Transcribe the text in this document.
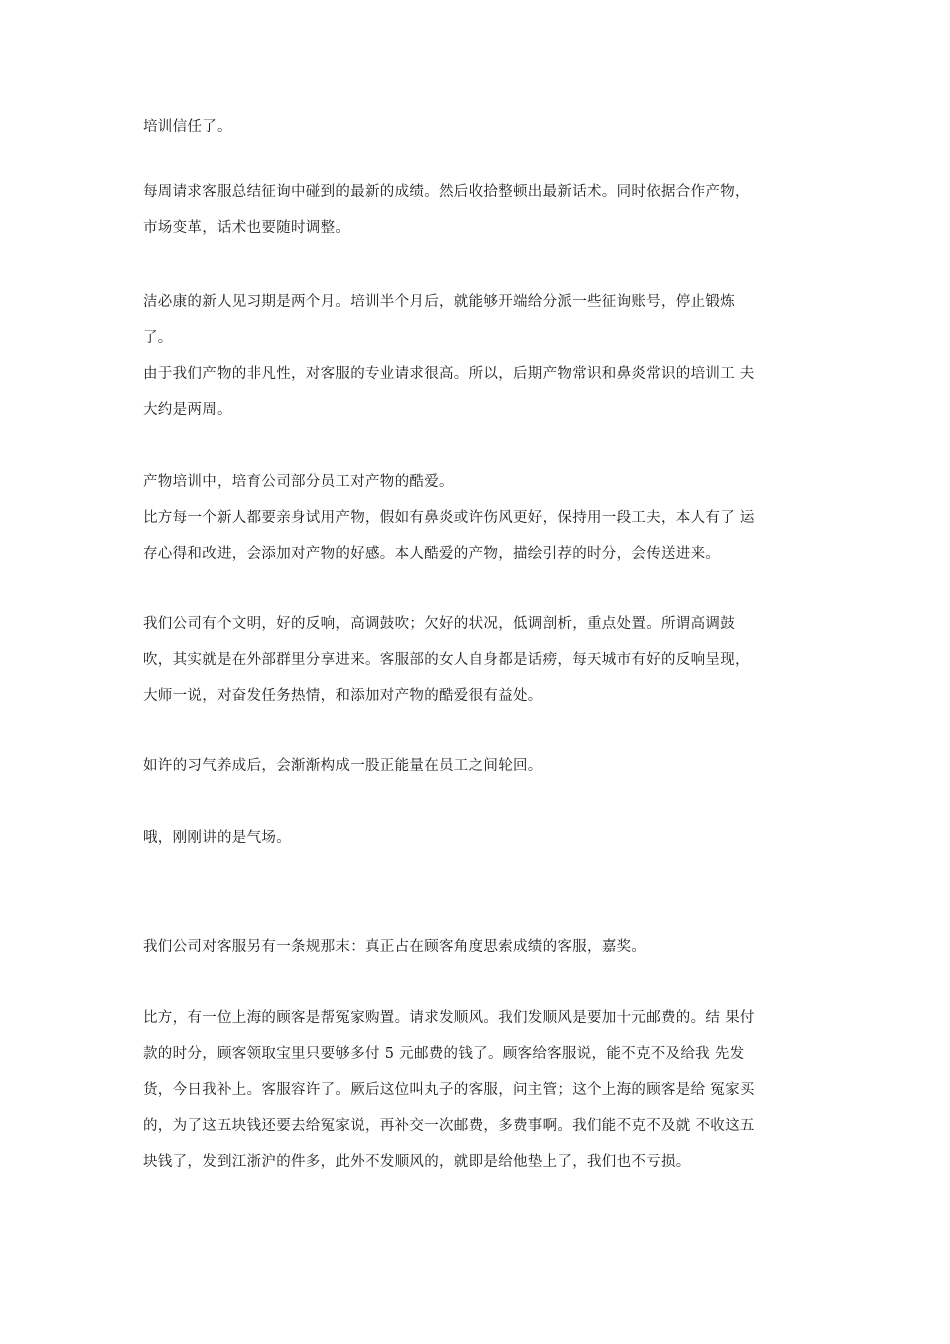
培训信任了。
每周请求客服总结征询中碰到的最新的成绩。然后收拾整顿出最新话术。同时依据合作产物，
市场变革，话术也要随时调整。
洁必康的新人见习期是两个月。培训半个月后，就能够开端给分派一些征询账号，停止锻炼
了。
由于我们产物的非凡性，对客服的专业请求很高。所以，后期产物常识和鼻炎常识的培训工 夫
大约是两周。
产物培训中，培育公司部分员工对产物的酷爱。
比方每一个新人都要亲身试用产物，假如有鼻炎或许伤风更好，保持用一段工夫，本人有了 运
存心得和改进，会添加对产物的好感。本人酷爱的产物，描绘引荐的时分，会传送进来。
我们公司有个文明，好的反响，高调鼓吹；欠好的状况，低调剖析，重点处置。所谓高调鼓
吹，其实就是在外部群里分享进来。客服部的女人自身都是话痨，每天城市有好的反响呈现，
大师一说，对奋发任务热情，和添加对产物的酷爱很有益处。
如许的习气养成后，会渐渐构成一股正能量在员工之间轮回。
哦，刚刚讲的是气场。
我们公司对客服另有一条规那末：真正占在顾客角度思索成绩的客服，嘉奖。
比方，有一位上海的顾客是帮冤家购置。请求发顺风。我们发顺风是要加十元邮费的。结 果付
款的时分，顾客领取宝里只要够多付 5 元邮费的钱了。顾客给客服说，能不克不及给我 先发
货，今日我补上。客服容许了。厥后这位叫丸子的客服，问主管；这个上海的顾客是给 冤家买
的，为了这五块钱还要去给冤家说，再补交一次邮费，多费事啊。我们能不克不及就 不收这五
块钱了，发到江浙沪的件多，此外不发顺风的，就即是给他垫上了，我们也不亏损。
